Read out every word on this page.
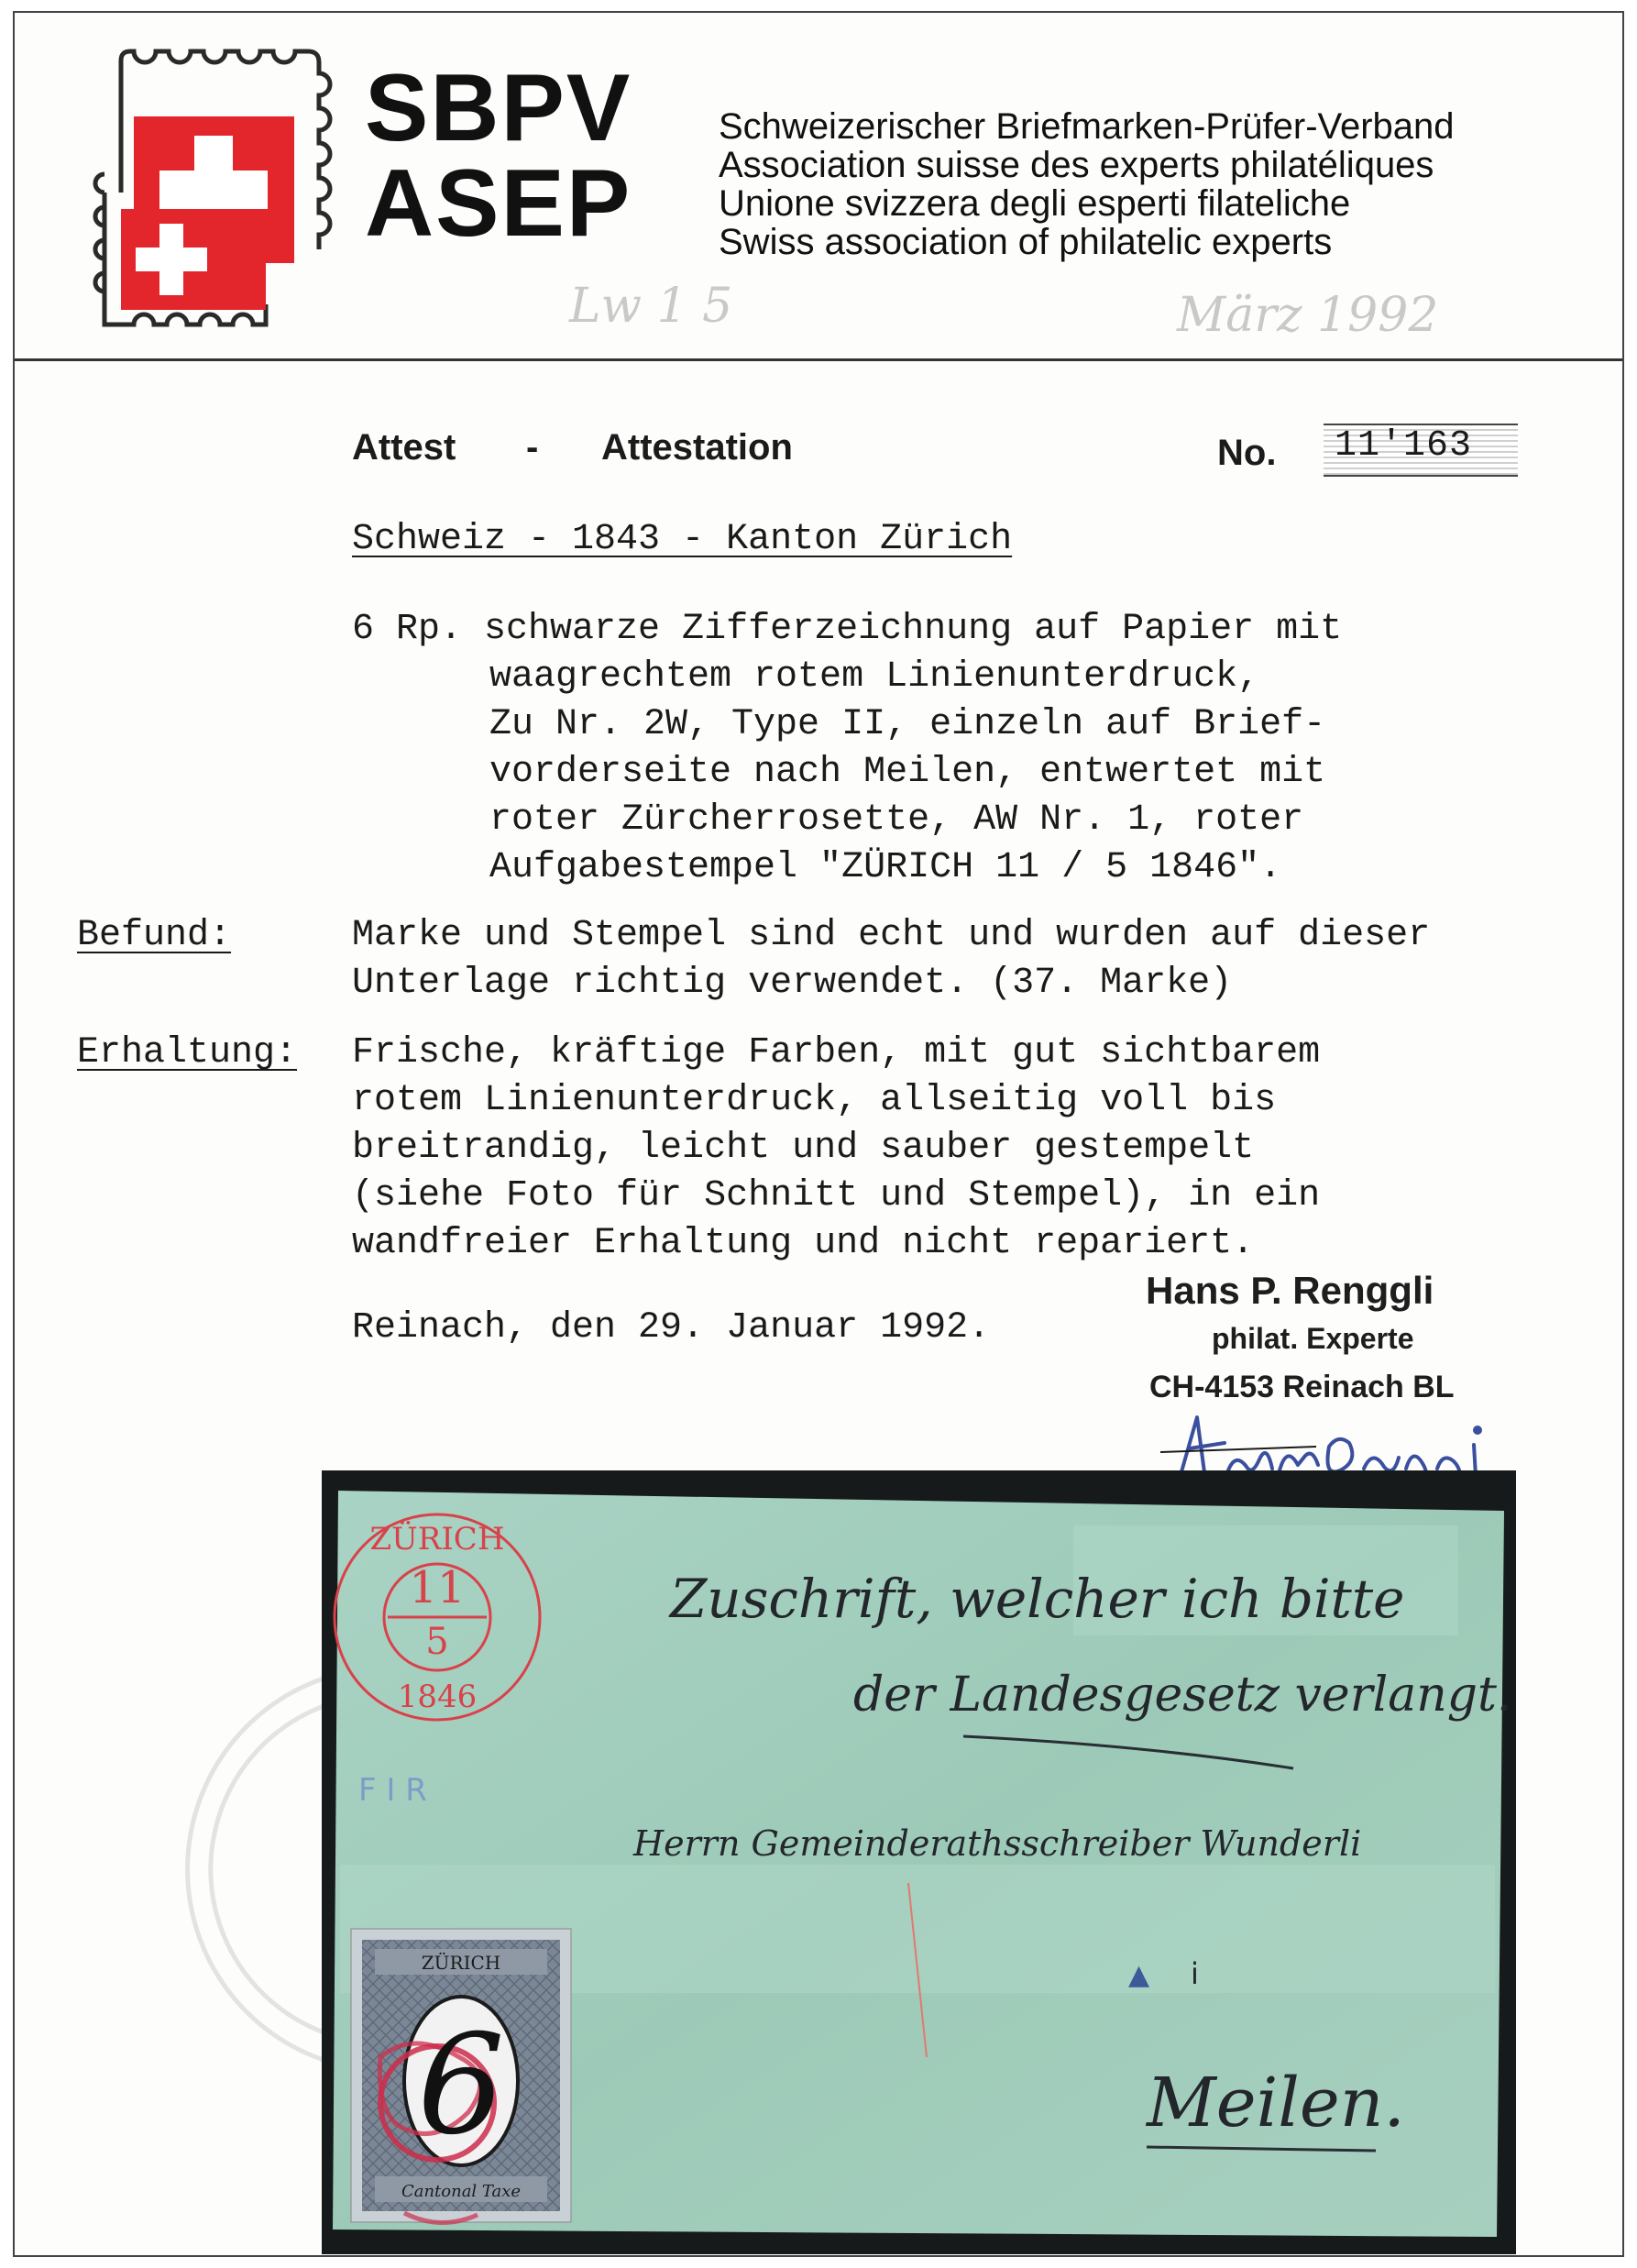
SBPV
ASEP
Schweizerischer Briefmarken-Prüfer-Verband
Association suisse des experts philatéliques
Unione svizzera degli esperti filateliche
Swiss association of philatelic experts
Lw 1 5	März 1992
Attest - Attestation	No. 11'163
Schweiz - 1843 - Kanton Zürich
6 Rp. schwarze Zifferzeichnung auf Papier mit
waagrechtem rotem Linienunterdruck,
Zu Nr. 2W, Type II, einzeln auf Brief-
vorderseite nach Meilen, entwertet mit
roter Zürcherrosette, AW Nr. 1, roter
Aufgabestempel "ZÜRICH 11 / 5 1846".
Befund:	Marke und Stempel sind echt und wurden auf dieser
Unterlage richtig verwendet. (37. Marke)
Erhaltung: Frische, kräftige Farben, mit gut sichtbarem
rotem Linienunterdruck, allseitig voll bis
breitrandig, leicht und sauber gestempelt
(siehe Foto für Schnitt und Stempel), in ein
wandfreier Erhaltung und nicht repariert.
Reinach, den 29. Januar 1992.
Hans P. Renggli
philat. Experte
CH-4153 Reinach BL
ZÜRICH
11
5
1846
Zuschrift, welcher ich bitte
der Landesgesetz verlangt.
Herrn Gemeinderathsschreiber Wunderli
Meilen.
F I R
▲ i
ZÜRICH
6
Cantonal Taxe
